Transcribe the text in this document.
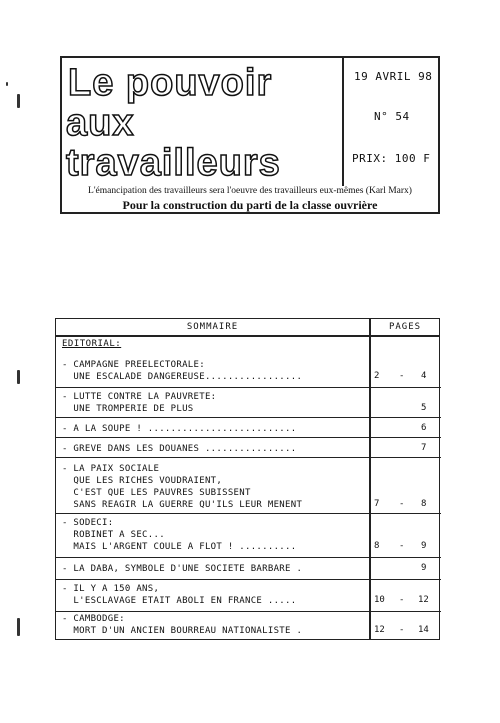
Le pouvoir
aux
travailleurs
19 AVRIL 98
N° 54
PRIX: 100 F
L'émancipation des travailleurs sera l'oeuvre des travailleurs eux-mêmes (Karl Marx)
Pour la construction du parti de la classe ouvrière
SOMMAIRE	PAGES
EDITORIAL:
- CAMPAGNE PREELECTORALE:
UNE ESCALADE DANGEREUSE.................	2 - 4
- LUTTE CONTRE LA PAUVRETE:
UNE TROMPERIE DE PLUS	5
- A LA SOUPE ! ..........................	6
- GREVE DANS LES DOUANES ................	7
- LA PAIX SOCIALE
QUE LES RICHES VOUDRAIENT,
C'EST QUE LES PAUVRES SUBISSENT
SANS REAGIR LA GUERRE QU'ILS LEUR MENENT	7 - 8
- SODECI:
ROBINET A SEC...
MAIS L'ARGENT COULE A FLOT ! ..........	8 - 9
- LA DABA, SYMBOLE D'UNE SOCIETE BARBARE .	9
- IL Y A 150 ANS,
L'ESCLAVAGE ETAIT ABOLI EN FRANCE .....	10 - 12
- CAMBODGE:
MORT D'UN ANCIEN BOURREAU NATIONALISTE .	12 - 14
